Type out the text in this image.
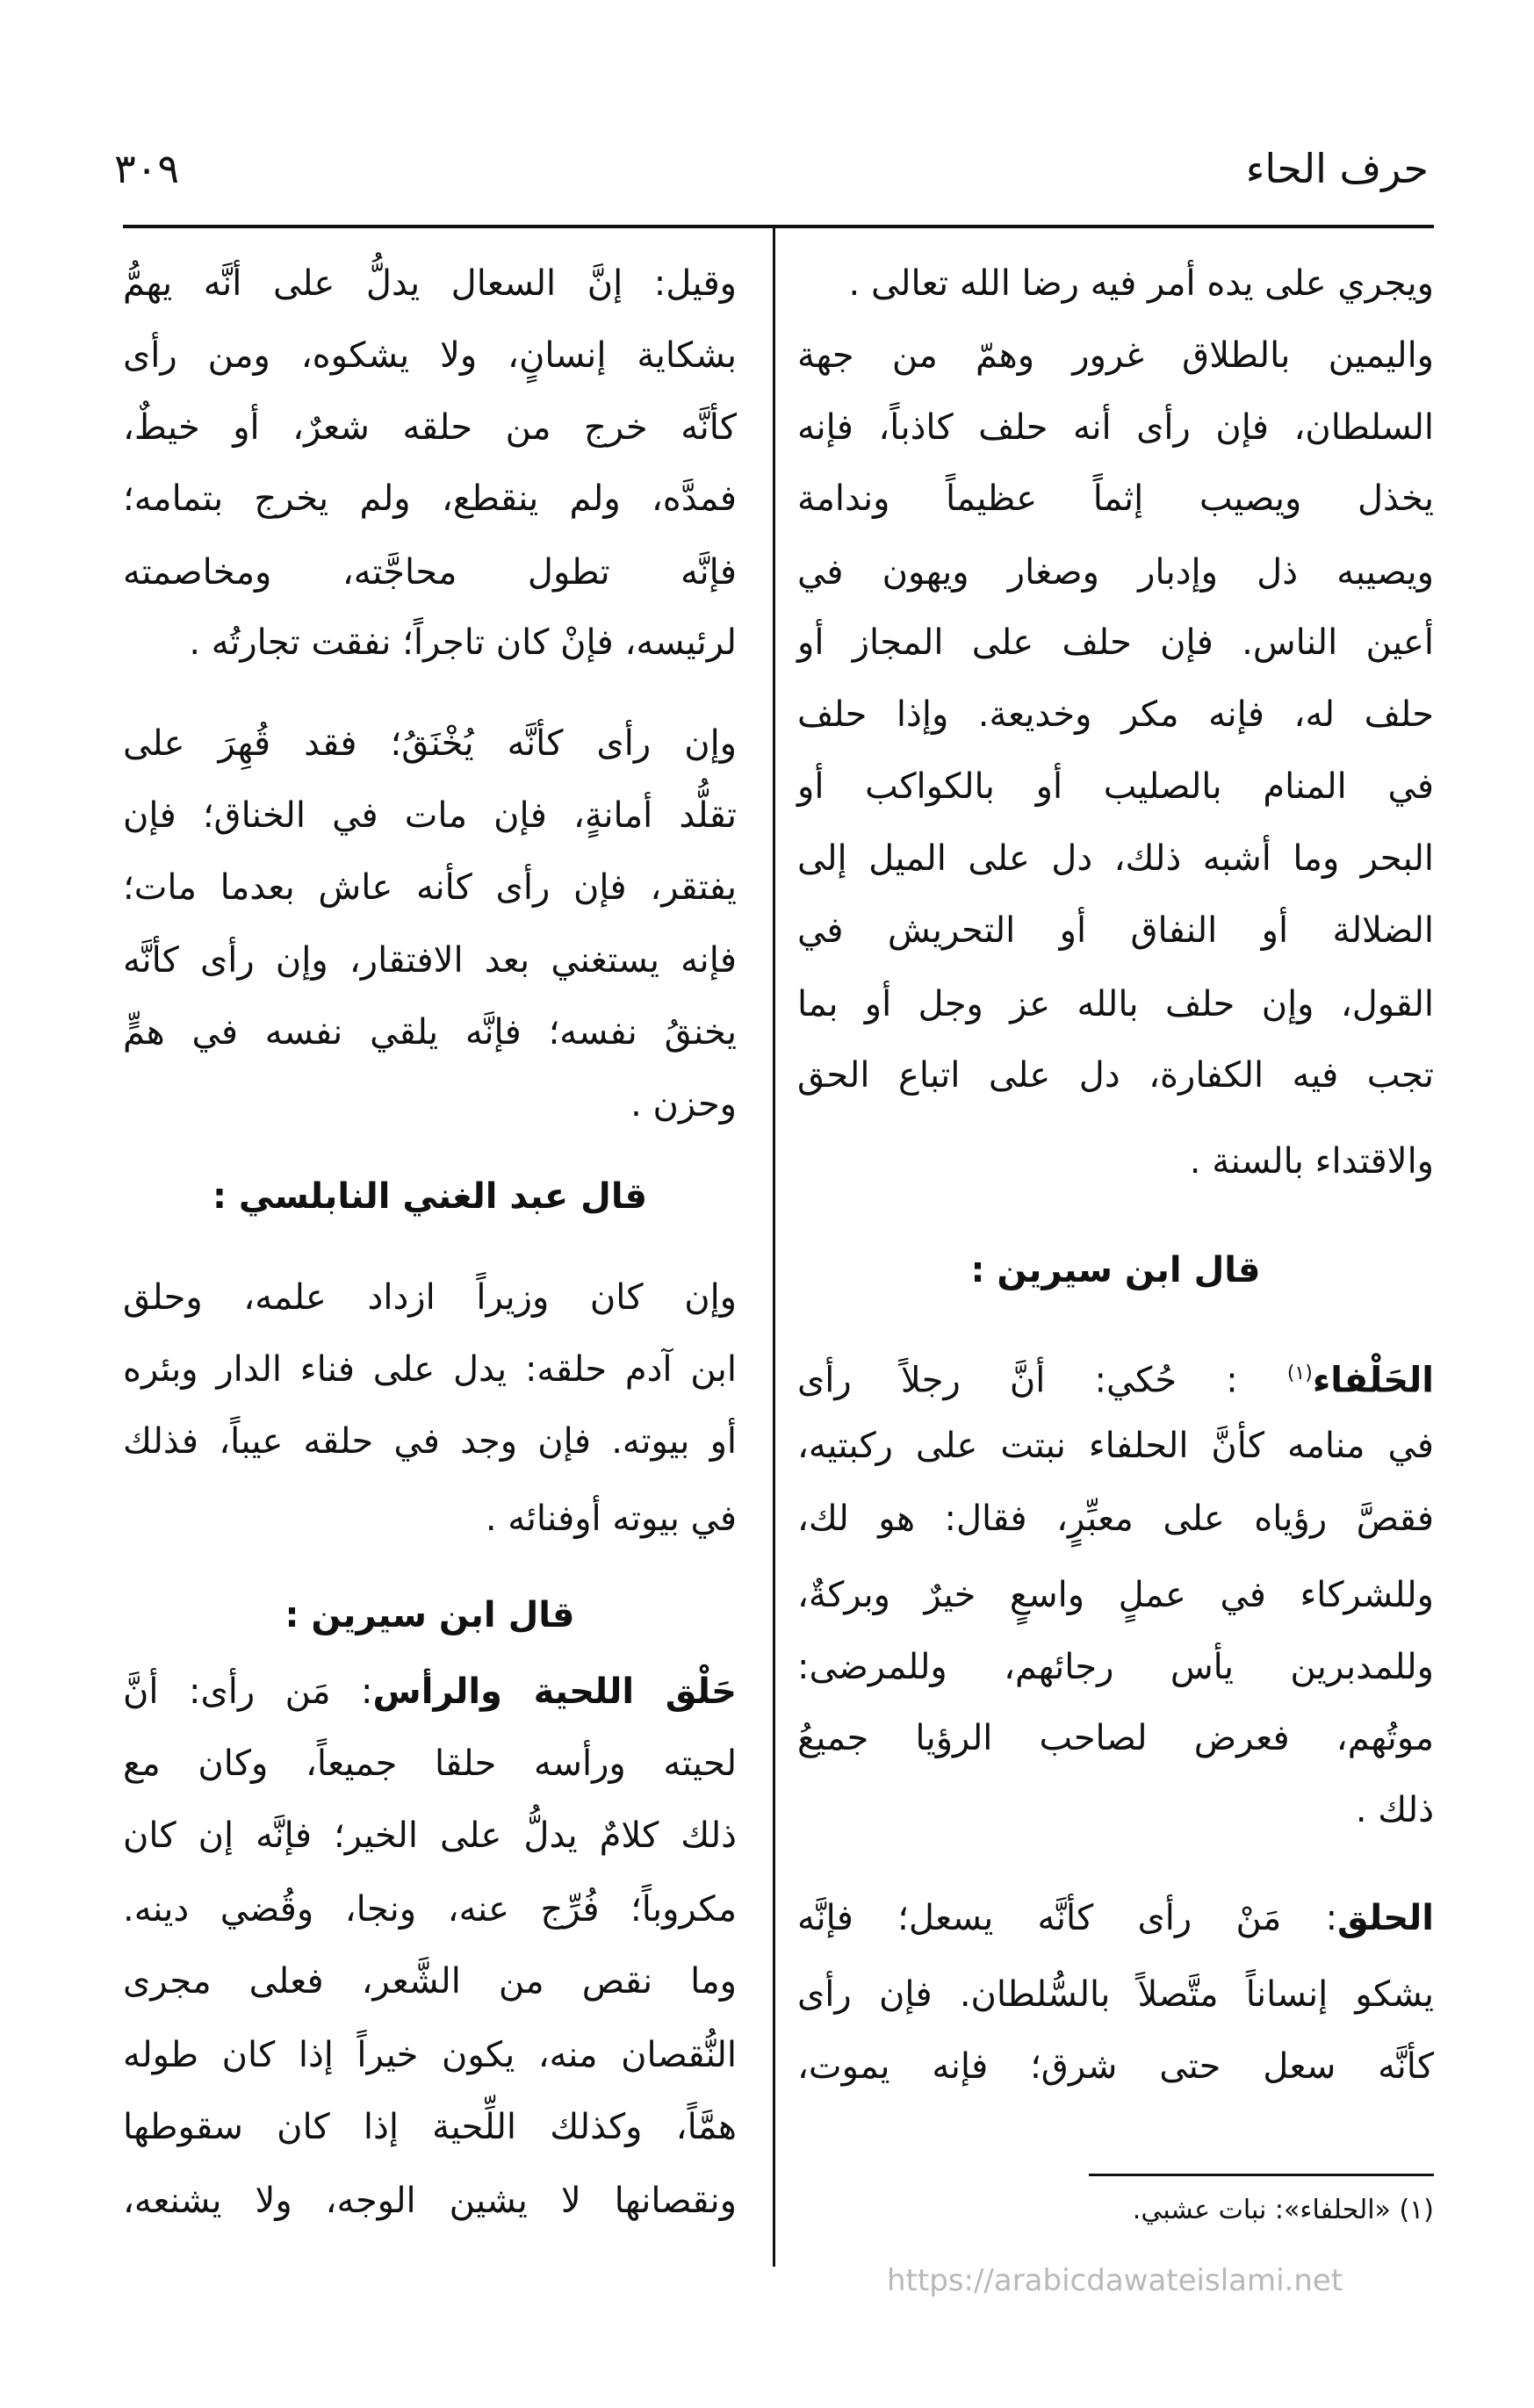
حرف الحاء
٣٠٩
ويجري على يده أمر فيه رضا الله تعالى .
واليمين بالطلاق غرور وهمّ من جهة
السلطان، فإن رأى أنه حلف كاذباً، فإنه
يخذل ويصيب إثماً عظيماً وندامة
ويصيبه ذل وإدبار وصغار ويهون في
أعين الناس. فإن حلف على المجاز أو
حلف له، فإنه مكر وخديعة. وإذا حلف
في المنام بالصليب أو بالكواكب أو
البحر وما أشبه ذلك، دل على الميل إلى
الضلالة أو النفاق أو التحريش في
القول، وإن حلف بالله عز وجل أو بما
تجب فيه الكفارة، دل على اتباع الحق
والاقتداء بالسنة .
قال ابن سيرين :
الحَلْفاء$^{(١)}$ : حُكي: أنَّ رجلاً رأى
في منامه كأنَّ الحلفاء نبتت على ركبتيه،
فقصَّ رؤياه على معبِّرٍ، فقال: هو لك،
وللشركاء في عملٍ واسعٍ خيرٌ وبركةٌ،
وللمدبرين يأس رجائهم، وللمرضى:
موتُهم، فعرض لصاحب الرؤيا جميعُ
ذلك .
الحلق: مَنْ رأى كأنَّه يسعل؛ فإنَّه
يشكو إنساناً متَّصلاً بالسُّلطان. فإن رأى
كأنَّه سعل حتى شرق؛ فإنه يموت،
وقيل: إنَّ السعال يدلُّ على أنَّه يهمُّ
بشكاية إنسانٍ، ولا يشكوه، ومن رأى
كأنَّه خرج من حلقه شعرٌ، أو خيطٌ،
فمدَّه، ولم ينقطع، ولم يخرج بتمامه؛
فإنَّه تطول محاجَّته، ومخاصمته
لرئيسه، فإنْ كان تاجراً؛ نفقت تجارتُه .
وإن رأى كأنَّه يُخْنَقُ؛ فقد قُهِرَ على
تقلُّد أمانةٍ، فإن مات في الخناق؛ فإن
يفتقر، فإن رأى كأنه عاش بعدما مات؛
فإنه يستغني بعد الافتقار، وإن رأى كأنَّه
يخنقُ نفسه؛ فإنَّه يلقي نفسه في همٍّ
وحزن .
قال عبد الغني النابلسي :
وإن كان وزيراً ازداد علمه، وحلق
ابن آدم حلقه: يدل على فناء الدار وبئره
أو بيوته. فإن وجد في حلقه عيباً، فذلك
في بيوته أوفنائه .
قال ابن سيرين :
حَلْق اللحية والرأس: مَن رأى: أنَّ
لحيته ورأسه حلقا جميعاً، وكان مع
ذلك كلامٌ يدلُّ على الخير؛ فإنَّه إن كان
مكروباً؛ فُرِّج عنه، ونجا، وقُضي دينه.
وما نقص من الشَّعر، فعلى مجرى
النُّقصان منه، يكون خيراً إذا كان طوله
همَّاً، وكذلك اللِّحية إذا كان سقوطها
ونقصانها لا يشين الوجه، ولا يشنعه،	(١) «الحلفاء»: نبات عشبي.
https://arabicdawateislami.net
